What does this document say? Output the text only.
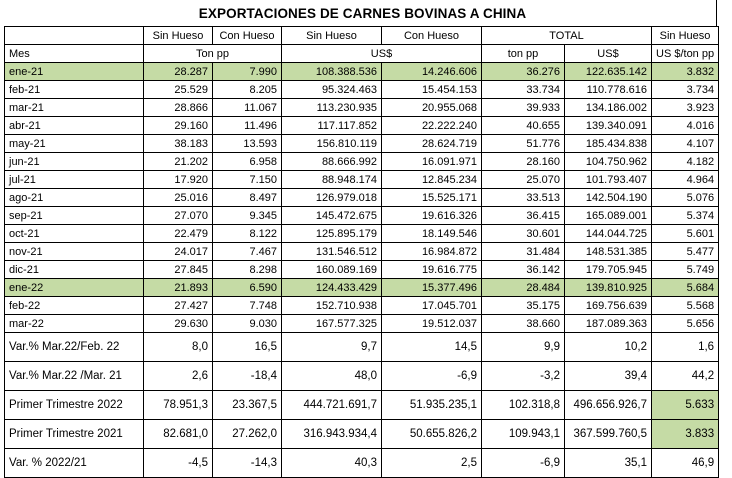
EXPORTACIONES DE CARNES BOVINAS A CHINA
	Sin Hueso	Con Hueso	Sin Hueso	Con Hueso	TOTAL		Sin Hueso
Mes	Ton pp		US$		ton pp	US$	US $/ton pp
ene-21	28.287	7.990	108.388.536	14.246.606	36.276	122.635.142	3.832
feb-21	25.529	8.205	95.324.463	15.454.153	33.734	110.778.616	3.734
mar-21	28.866	11.067	113.230.935	20.955.068	39.933	134.186.002	3.923
abr-21	29.160	11.496	117.117.852	22.222.240	40.655	139.340.091	4.016
may-21	38.183	13.593	156.810.119	28.624.719	51.776	185.434.838	4.107
jun-21	21.202	6.958	88.666.992	16.091.971	28.160	104.750.962	4.182
jul-21	17.920	7.150	88.948.174	12.845.234	25.070	101.793.407	4.964
ago-21	25.016	8.497	126.979.018	15.525.171	33.513	142.504.190	5.076
sep-21	27.070	9.345	145.472.675	19.616.326	36.415	165.089.001	5.374
oct-21	22.479	8.122	125.895.179	18.149.546	30.601	144.044.725	5.601
nov-21	24.017	7.467	131.546.512	16.984.872	31.484	148.531.385	5.477
dic-21	27.845	8.298	160.089.169	19.616.775	36.142	179.705.945	5.749
ene-22	21.893	6.590	124.433.429	15.377.496	28.484	139.810.925	5.684
feb-22	27.427	7.748	152.710.938	17.045.701	35.175	169.756.639	5.568
mar-22	29.630	9.030	167.577.325	19.512.037	38.660	187.089.363	5.656
Var.% Mar.22/Feb. 22	8,0	16,5	9,7	14,5	9,9	10,2	1,6
Var.% Mar.22 /Mar. 21	2,6	-18,4	48,0	-6,9	-3,2	39,4	44,2
Primer Trimestre 2022	78.951,3	23.367,5	444.721.691,7	51.935.235,1	102.318,8	496.656.926,7	5.633
Primer Trimestre 2021	82.681,0	27.262,0	316.943.934,4	50.655.826,2	109.943,1	367.599.760,5	3.833
Var. % 2022/21	-4,5	-14,3	40,3	2,5	-6,9	35,1	46,9
